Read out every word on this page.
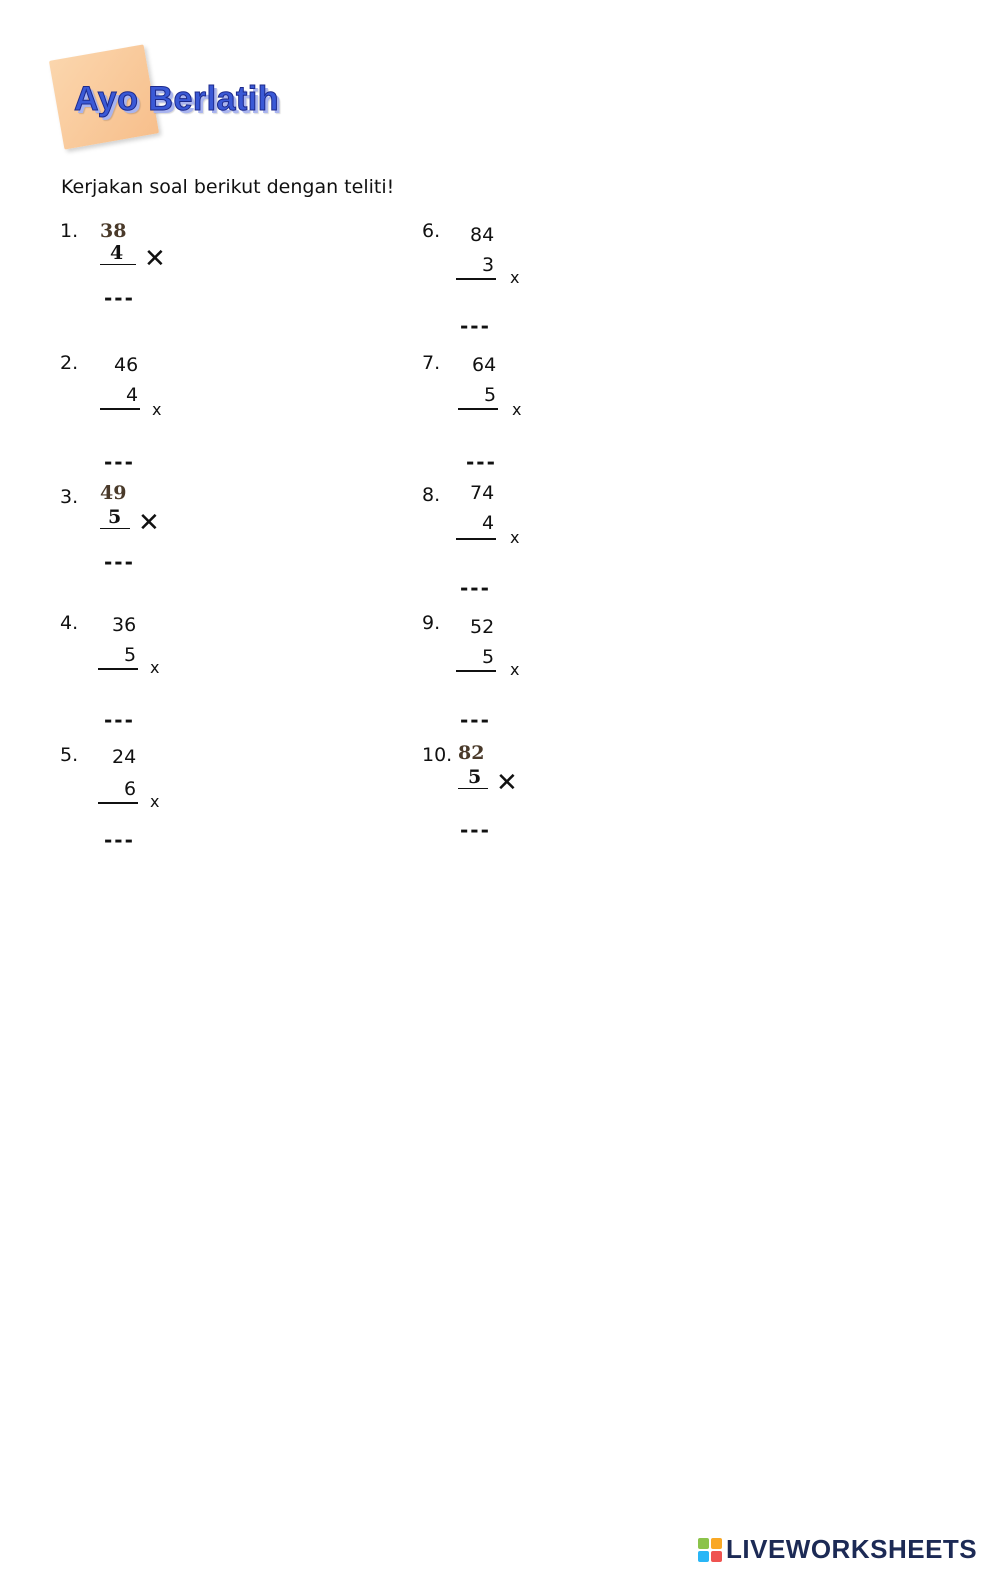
Ayo Berlatih
Kerjakan soal berikut dengan teliti!
1. 38
4 ✕
---
2. 46
4
x
---
3. 49
5 ✕
---
4. 36
5
x
---
5. 24
6
x
---
6. 84
3
x
---
7. 64
5
x
---
8. 74
4
x
---
9. 52
5
x
---
10. 82
5 ✕
---
LIVEWORKSHEETS
